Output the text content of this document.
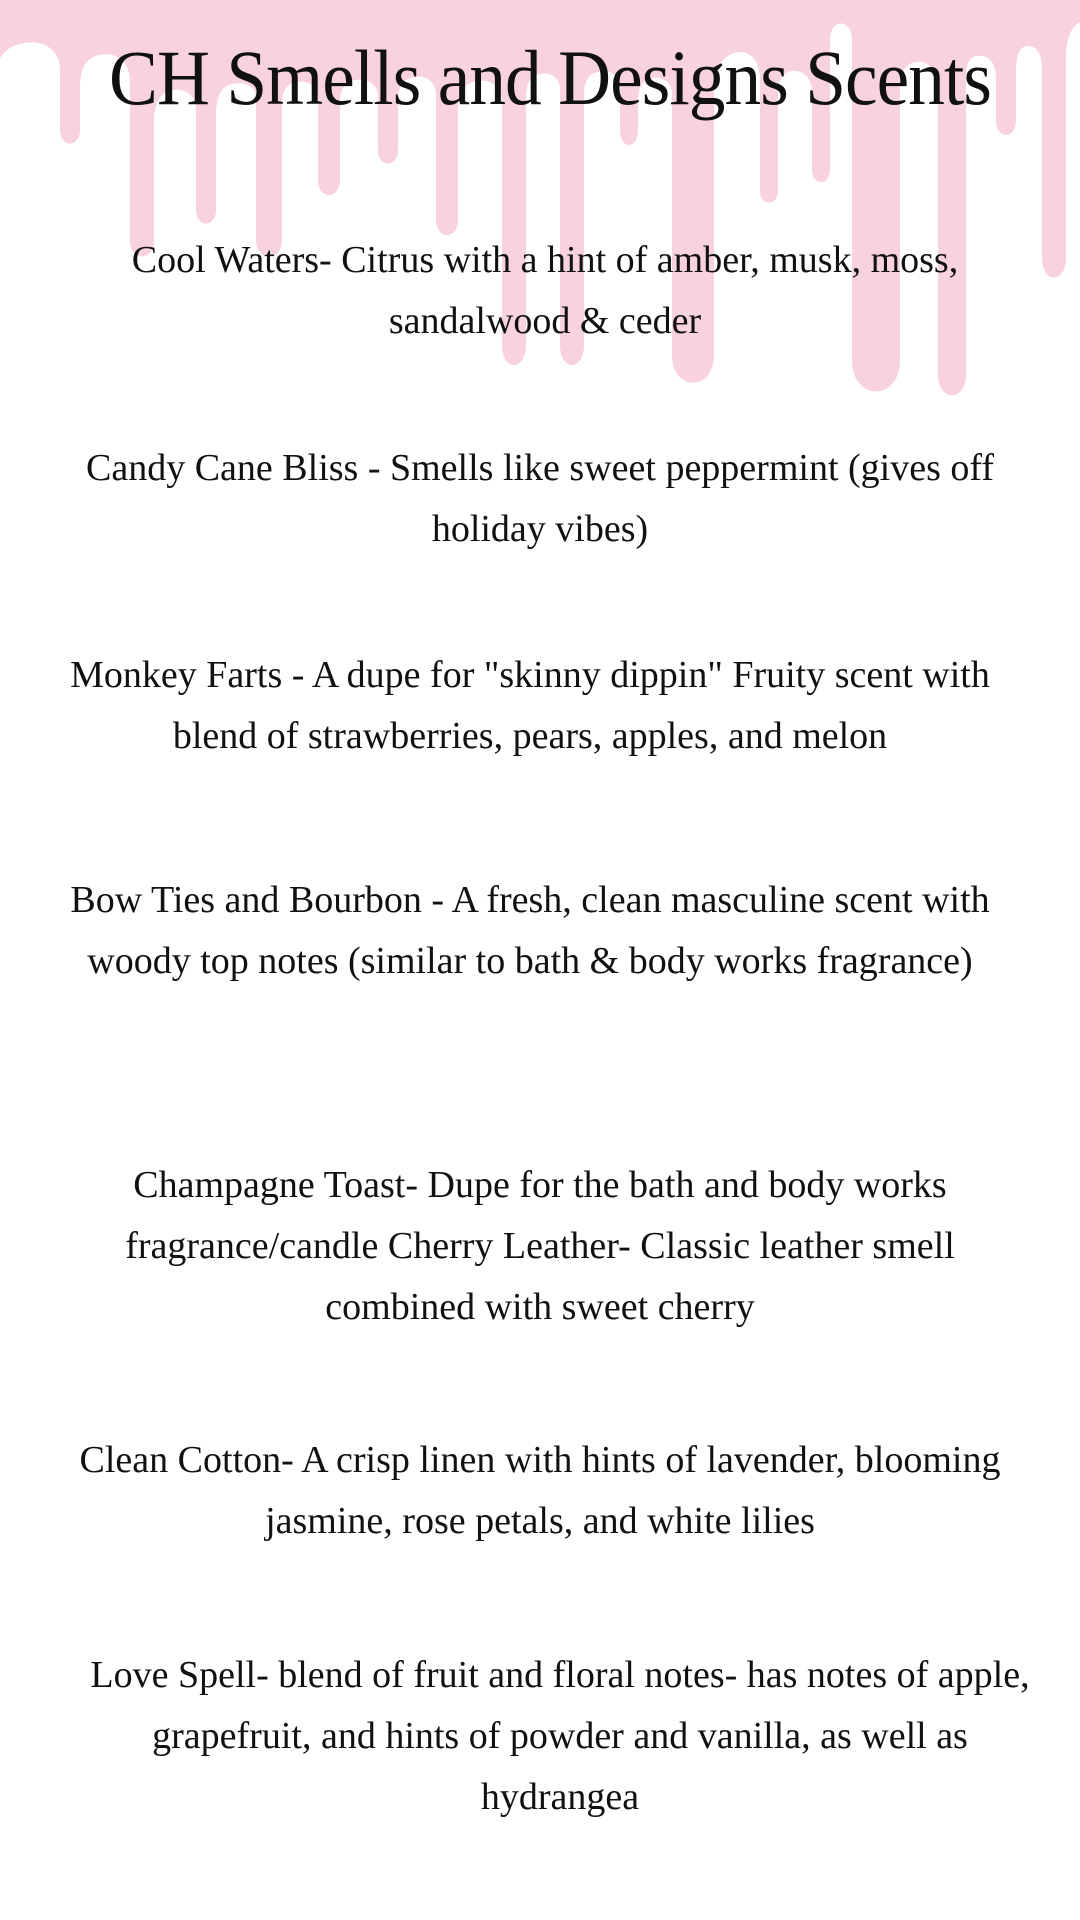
CH Smells and Designs Scents

Cool Waters- Citrus with a hint of amber, musk, moss, sandalwood & ceder

Candy Cane Bliss - Smells like sweet peppermint (gives off holiday vibes)

Monkey Farts - A dupe for "skinny dippin" Fruity scent with blend of strawberries, pears, apples, and melon

Bow Ties and Bourbon - A fresh, clean masculine scent with woody top notes (similar to bath & body works fragrance)

Champagne Toast- Dupe for the bath and body works fragrance/candle Cherry Leather- Classic leather smell combined with sweet cherry

Clean Cotton- A crisp linen with hints of lavender, blooming jasmine, rose petals, and white lilies

Love Spell- blend of fruit and floral notes- has notes of apple, grapefruit, and hints of powder and vanilla, as well as hydrangea
